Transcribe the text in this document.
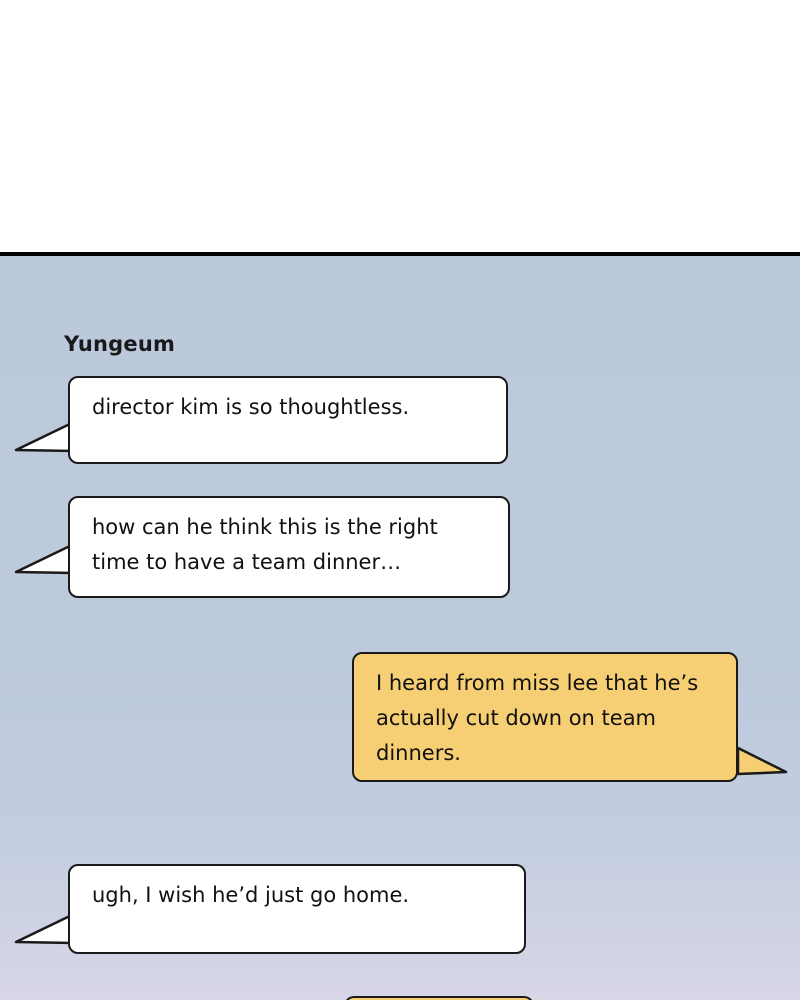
Yungeum
director kim is so thoughtless.
how can he think this is the right time to have a team dinner…
I heard from miss lee that he’s actually cut down on team dinners.
ugh, I wish he’d just go home.
